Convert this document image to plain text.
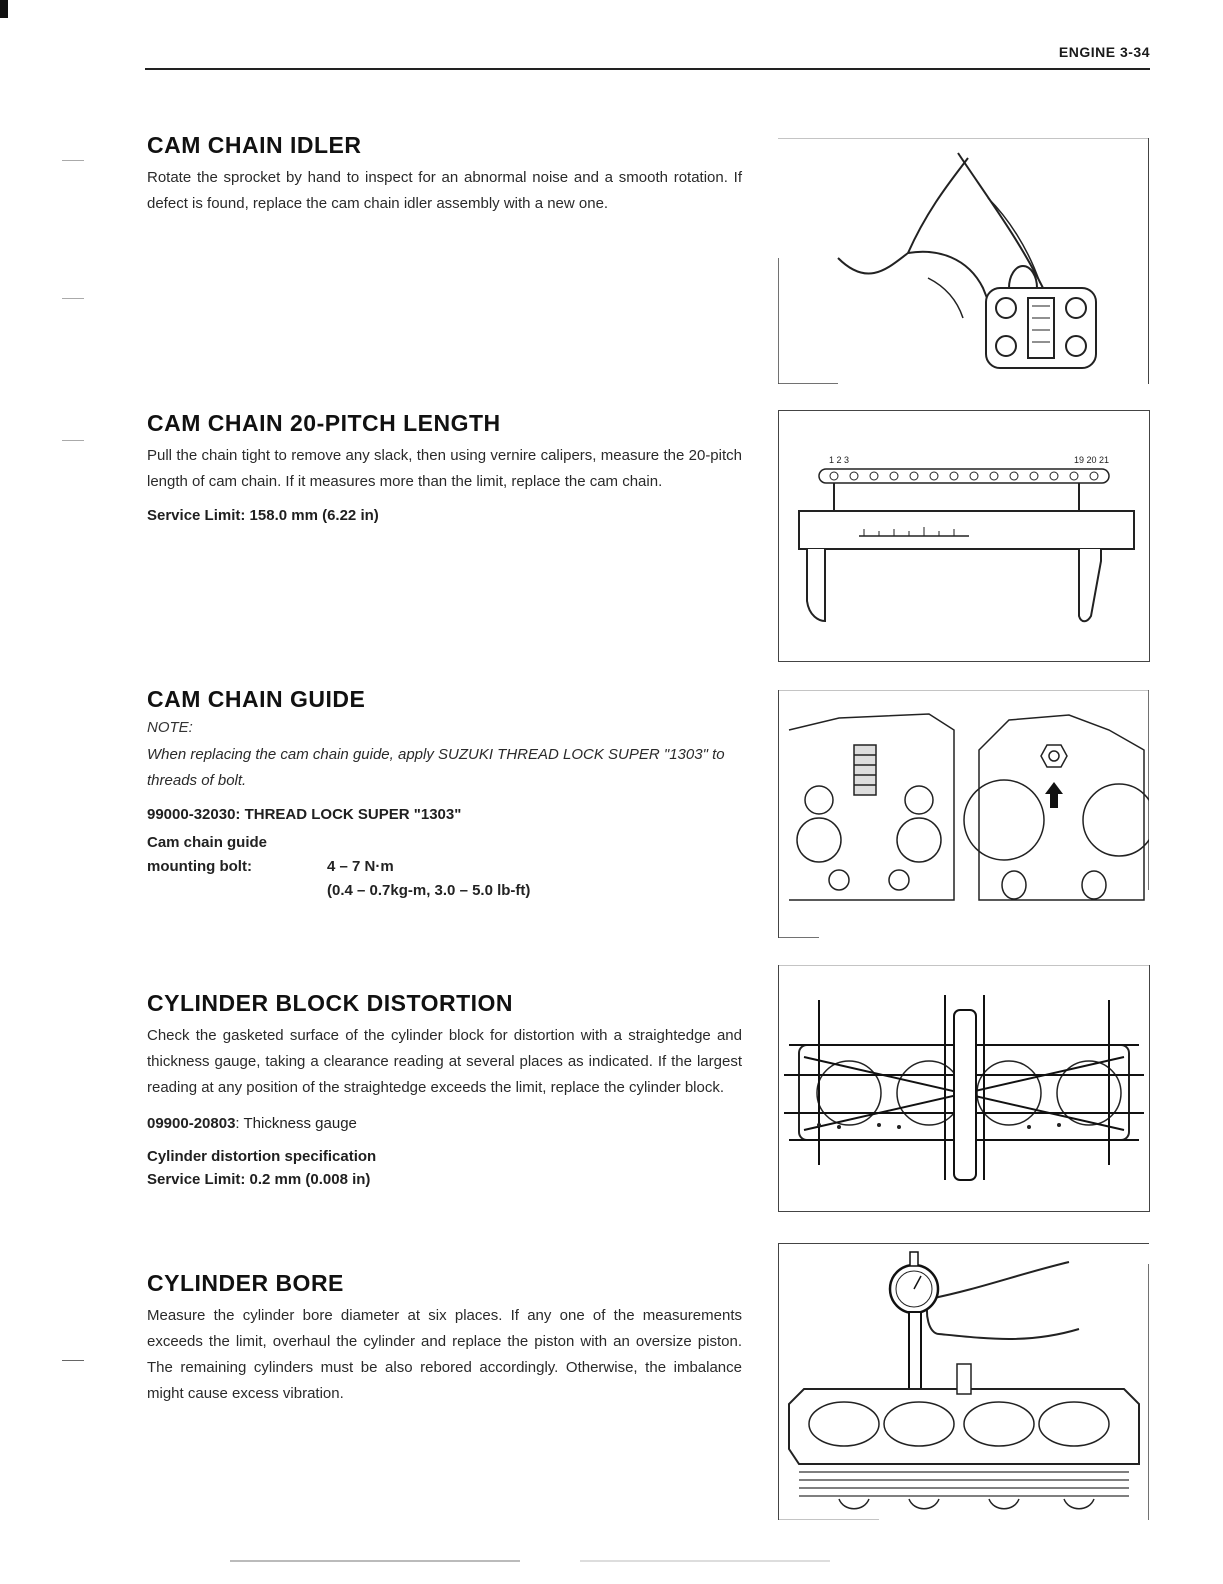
ENGINE 3-34
CAM CHAIN IDLER

Rotate the sprocket by hand to inspect for an abnormal noise and a smooth rotation. If defect is found, replace the cam chain idler assembly with a new one.

CAM CHAIN 20-PITCH LENGTH

Pull the chain tight to remove any slack, then using vernire calipers, measure the 20-pitch length of cam chain. If it measures more than the limit, replace the cam chain.

Service Limit: 158.0 mm (6.22 in)

CAM CHAIN GUIDE

NOTE:

When replacing the cam chain guide, apply SUZUKI THREAD LOCK SUPER "1303" to threads of bolt.

99000-32030: THREAD LOCK SUPER "1303"

Cam chain guide
mounting bolt:	4 – 7 N·m
(0.4 – 0.7kg-m, 3.0 – 5.0 lb-ft)
CYLINDER BLOCK DISTORTION

Check the gasketed surface of the cylinder block for distortion with a straightedge and thickness gauge, taking a clearance reading at several places as indicated. If the largest reading at any position of the straightedge exceeds the limit, replace the cylinder block.

09900-20803: Thickness gauge

Cylinder distortion specification

Service Limit: 0.2 mm (0.008 in)

CYLINDER BORE

Measure the cylinder bore diameter at six places. If any one of the measurements exceeds the limit, overhaul the cylinder and replace the piston with an oversize piston. The remaining cylinders must be also rebored accordingly. Otherwise, the imbalance might cause excess vibration.

1 2 3	19 20 21
